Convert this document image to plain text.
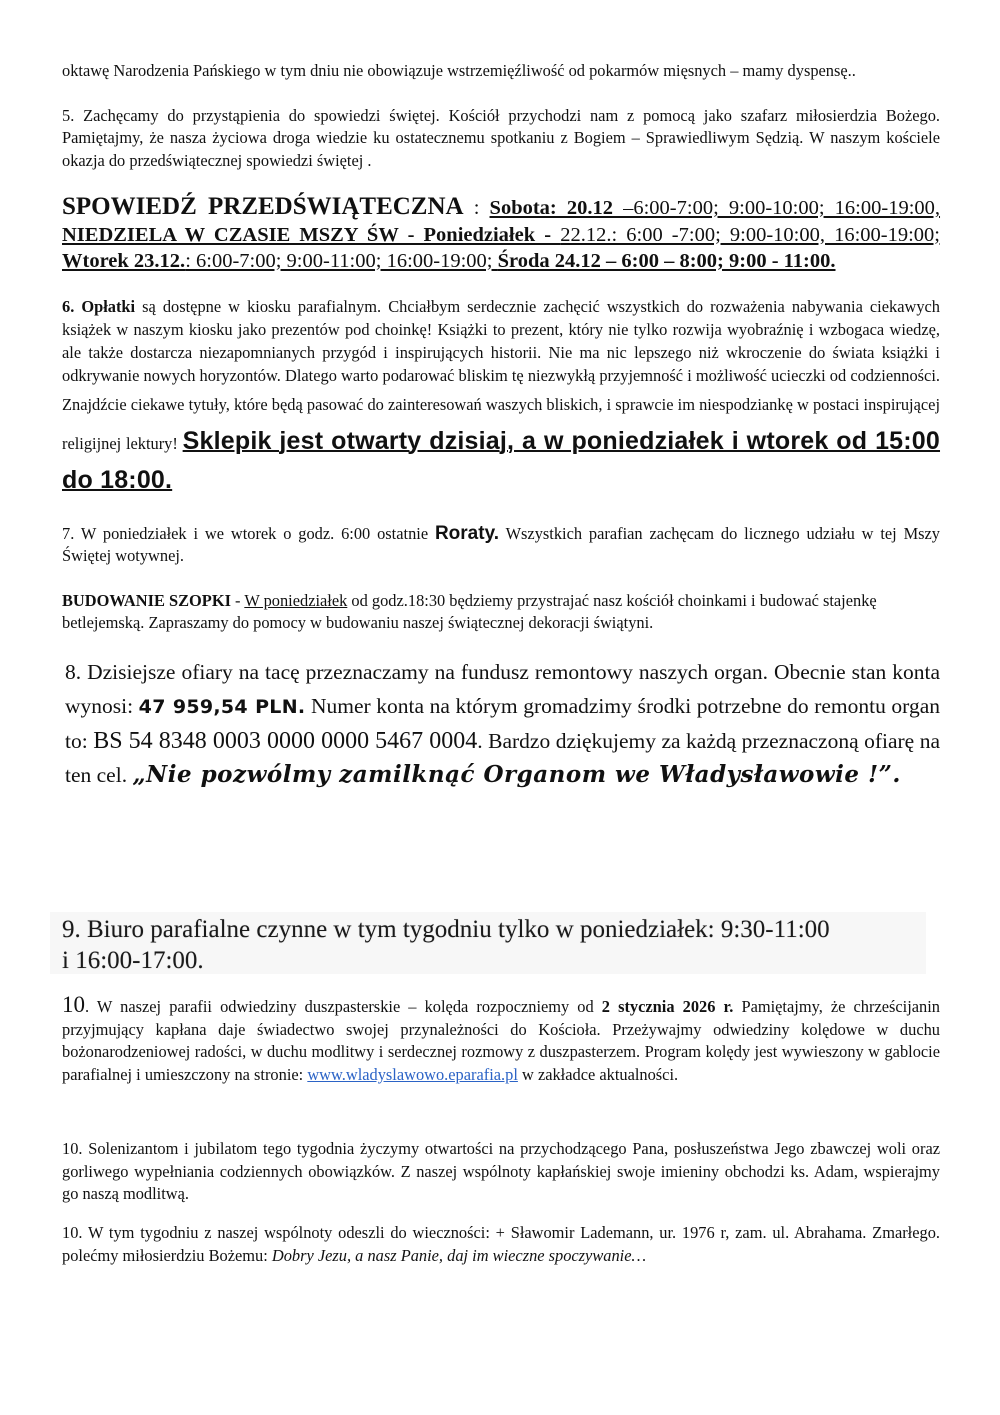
oktawę Narodzenia Pańskiego w tym dniu nie obowiązuje wstrzemięźliwość od pokarmów mięsnych – mamy dyspensę..

5. Zachęcamy do przystąpienia do spowiedzi świętej. Kościół przychodzi nam z pomocą jako szafarz miłosierdzia Bożego. Pamiętajmy, że nasza życiowa droga wiedzie ku ostatecznemu spotkaniu z Bogiem – Sprawiedliwym Sędzią. W naszym kościele okazja do przedświątecznej spowiedzi świętej .

SPOWIEDŹ PRZEDŚWIĄTECZNA : Sobota: 20.12 –6:00-7:00; 9:00-10:00; 16:00-19:00, NIEDZIELA W CZASIE MSZY ŚW - Poniedziałek - 22.12.: 6:00 -7:00; 9:00-10:00, 16:00-19:00; Wtorek 23.12.: 6:00-7:00; 9:00-11:00; 16:00-19:00; Środa 24.12 – 6:00 – 8:00; 9:00 - 11:00.

6. Opłatki są dostępne w kiosku parafialnym. Chciałbym serdecznie zachęcić wszystkich do rozważenia nabywania ciekawych książek w naszym kiosku jako prezentów pod choinkę! Książki to prezent, który nie tylko rozwija wyobraźnię i wzbogaca wiedzę, ale także dostarcza niezapomnianych przygód i inspirujących historii. Nie ma nic lepszego niż wkroczenie do świata książki i odkrywanie nowych horyzontów. Dlatego warto podarować bliskim tę niezwykłą przyjemność i możliwość ucieczki od codzienności. Znajdźcie ciekawe tytuły, które będą pasować do zainteresowań waszych bliskich, i sprawcie im niespodziankę w postaci inspirującej religijnej lektury! Sklepik jest otwarty dzisiaj, a w poniedziałek i wtorek od 15:00 do 18:00.

7. W poniedziałek i we wtorek o godz. 6:00 ostatnie Roraty. Wszystkich parafian zachęcam do licznego udziału w tej Mszy Świętej wotywnej.

BUDOWANIE SZOPKI - W poniedziałek od godz.18:30 będziemy przystrajać nasz kościół choinkami i budować stajenkę betlejemską. Zapraszamy do pomocy w budowaniu naszej świątecznej dekoracji świątyni.

8. Dzisiejsze ofiary na tacę przeznaczamy na fundusz remontowy naszych organ. Obecnie stan konta wynosi: 47 959,54 PLN. Numer konta na którym gromadzimy środki potrzebne do remontu organ to: BS 54 8348 0003 0000 0000 5467 0004. Bardzo dziękujemy za każdą przeznaczoną ofiarę na ten cel. „Nie pozwólmy zamilknąć Organom we Władysławowie !”.

9. Biuro parafialne czynne w tym tygodniu tylko w poniedziałek: 9:30-11:00
i 16:00-17:00.

10. W naszej parafii odwiedziny duszpasterskie – kolęda rozpoczniemy od 2 stycznia 2026 r. Pamiętajmy, że chrześcijanin przyjmujący kapłana daje świadectwo swojej przynależności do Kościoła. Przeżywajmy odwiedziny kolędowe w duchu bożonarodzeniowej radości, w duchu modlitwy i serdecznej rozmowy z duszpasterzem. Program kolędy jest wywieszony w gablocie parafialnej i umieszczony na stronie: www.wladyslawowo.eparafia.pl w zakładce aktualności.

10. Solenizantom i jubilatom tego tygodnia życzymy otwartości na przychodzącego Pana, posłuszeństwa Jego zbawczej woli oraz gorliwego wypełniania codziennych obowiązków. Z naszej wspólnoty kapłańskiej swoje imieniny obchodzi ks. Adam, wspierajmy go naszą modlitwą.

10. W tym tygodniu z naszej wspólnoty odeszli do wieczności: + Sławomir Lademann, ur. 1976 r, zam. ul. Abrahama. Zmarłego. polećmy miłosierdziu Bożemu: Dobry Jezu, a nasz Panie, daj im wieczne spoczywanie…
